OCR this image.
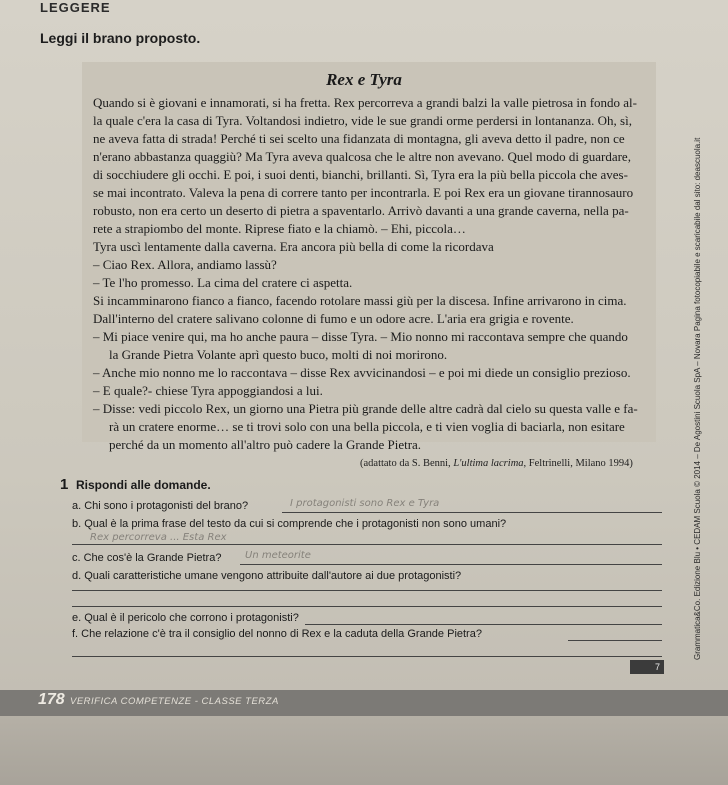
LEGGERE
Leggi il brano proposto.
Rex e Tyra
Quando si è giovani e innamorati, si ha fretta. Rex percorreva a grandi balzi la valle pietrosa in fondo al-
la quale c'era la casa di Tyra. Voltandosi indietro, vide le sue grandi orme perdersi in lontananza. Oh, sì,
ne aveva fatta di strada! Perché ti sei scelto una fidanzata di montagna, gli aveva detto il padre, non ce
n'erano abbastanza quaggiù? Ma Tyra aveva qualcosa che le altre non avevano. Quel modo di guardare,
di socchiudere gli occhi. E poi, i suoi denti, bianchi, brillanti. Sì, Tyra era la più bella piccola che aves-
se mai incontrato. Valeva la pena di correre tanto per incontrarla. E poi Rex era un giovane tirannosauro
robusto, non era certo un deserto di pietra a spaventarlo. Arrivò davanti a una grande caverna, nella pa-
rete a strapiombo del monte. Riprese fiato e la chiamò. – Ehi, piccola…
Tyra uscì lentamente dalla caverna. Era ancora più bella di come la ricordava
– Ciao Rex. Allora, andiamo lassù?
– Te l'ho promesso. La cima del cratere ci aspetta.
Si incamminarono fianco a fianco, facendo rotolare massi giù per la discesa. Infine arrivarono in cima.
Dall'interno del cratere salivano colonne di fumo e un odore acre. L'aria era grigia e rovente.
– Mi piace venire qui, ma ho anche paura – disse Tyra. – Mio nonno mi raccontava sempre che quando
la Grande Pietra Volante aprì questo buco, molti di noi morirono.
– Anche mio nonno me lo raccontava – disse Rex avvicinandosi – e poi mi diede un consiglio prezioso.
– E quale?- chiese Tyra appoggiandosi a lui.
– Disse: vedi piccolo Rex, un giorno una Pietra più grande delle altre cadrà dal cielo su questa valle e fa-
rà un cratere enorme… se ti trovi solo con una bella piccola, e ti vien voglia di baciarla, non esitare
perché da un momento all'altro può cadere la Grande Pietra.
(adattato da S. Benni, L'ultima lacrima, Feltrinelli, Milano 1994)
1 Rispondi alle domande.
a. Chi sono i protagonisti del brano?	I protagonisti sono Rex e Tyra
b. Qual è la prima frase del testo da cui si comprende che i protagonisti non sono umani?
Rex percorreva ... Esta Rex
c. Che cos'è la Grande Pietra? Un meteorite
d. Quali caratteristiche umane vengono attribuite dall'autore ai due protagonisti?
e. Qual è il pericolo che corrono i protagonisti?
f. Che relazione c'è tra il consiglio del nonno di Rex e la caduta della Grande Pietra?
7
178 VERIFICA COMPETENZE - CLASSE TERZA
Grammatica&Co. Edizione Blu • CEDAM Scuola © 2014 – De Agostini Scuola SpA – Novara Pagina fotocopiabile e scaricabile dal sito: deascuola.it
